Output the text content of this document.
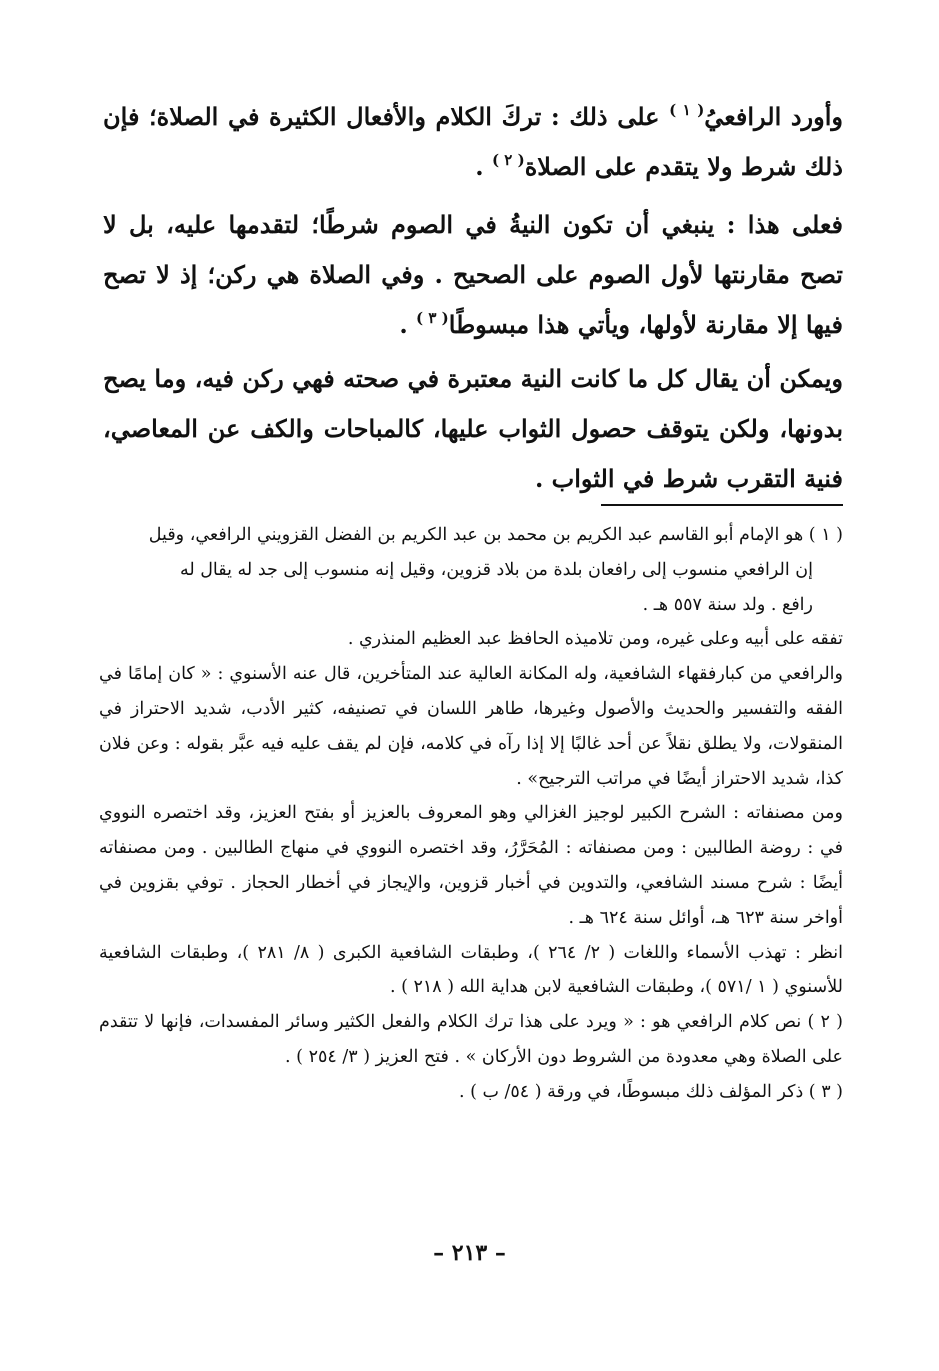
وأورد الرافعيُ$^{( ١ )}$ على ذلك : تركَ الكلام والأفعال الكثيرة في الصلاة؛ فإن ذلك شرط ولا يتقدم على الصلاة$^{( ٢ )}$ .

فعلى هذا : ينبغي أن تكون النيةُ في الصوم شرطًا؛ لتقدمها عليه، بل لا تصح مقارنتها لأول الصوم على الصحيح . وفي الصلاة هي ركن؛ إذ لا تصح فيها إلا مقارنة لأولها، ويأتي هذا مبسوطًا$^{( ٣ )}$ .

ويمكن أن يقال كل ما كانت النية معتبرة في صحته فهي ركن فيه، وما يصح بدونها، ولكن يتوقف حصول الثواب عليها، كالمباحات والكف عن المعاصي، فنية التقرب شرط في الثواب .

( ١ ) هو الإمام أبو القاسم عبد الكريم بن محمد بن عبد الكريم بن الفضل القزويني الرافعي، وقيل

إن الرافعي منسوب إلى رافعان بلدة من بلاد قزوين، وقيل إنه منسوب إلى جد له يقال له

رافع . ولد سنة ٥٥٧ هـ .

تفقه على أبيه وعلى غيره، ومن تلاميذه الحافظ عبد العظيم المنذري .

والرافعي من كبارفقهاء الشافعية، وله المكانة العالية عند المتأخرين، قال عنه الأسنوي : « كان إمامًا في الفقه والتفسير والحديث والأصول وغيرها، طاهر اللسان في تصنيفه، كثير الأدب، شديد الاحتراز في المنقولات، ولا يطلق نقلاً عن أحد غالبًا إلا إذا رآه في كلامه، فإن لم يقف عليه فيه عبَّر بقوله : وعن فلان كذا، شديد الاحتراز أيضًا في مراتب الترجيح» .

ومن مصنفاته : الشرح الكبير لوجيز الغزالي وهو المعروف بالعزيز أو بفتح العزيز، وقد اختصره النووي في : روضة الطالبين : ومن مصنفاته : المُحَرَّرُ، وقد اختصره النووي في منهاج الطالبين . ومن مصنفاته أيضًا : شرح مسند الشافعي، والتدوين في أخبار قزوين، والإيجاز في أخطار الحجاز . توفي بقزوين في أواخر سنة ٦٢٣ هـ، أوائل سنة ٦٢٤ هـ .

انظر : تهذب الأسماء واللغات ( ٢/ ٢٦٤ )، وطبقات الشافعية الكبرى ( ٨/ ٢٨١ )، وطبقات الشافعية للأسنوي ( ١ /٥٧١ )، وطبقات الشافعية لابن هداية الله ( ٢١٨ ) .

( ٢ ) نص كلام الرافعي هو : « ويرد على هذا ترك الكلام والفعل الكثير وسائر المفسدات، فإنها لا تتقدم على الصلاة وهي معدودة من الشروط دون الأركان » . فتح العزيز ( ٣/ ٢٥٤ ) .

( ٣ ) ذكر المؤلف ذلك مبسوطًا، في ورقة ( ٥٤/ ب ) .

– ٢١٣ –
